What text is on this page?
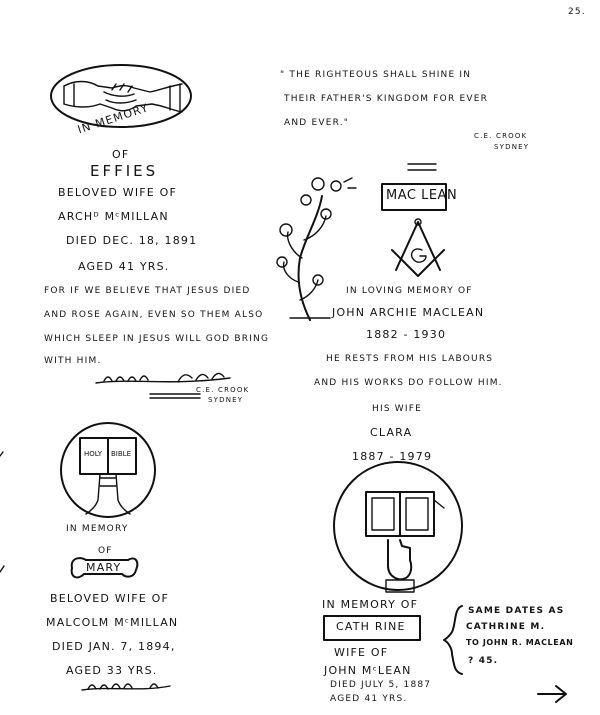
25.
IN MEMORY
OF
EFFIES
BELOVED WIFE OF
ARCHᴰ MᶜMILLAN
DIED DEC. 18, 1891
AGED 41 YRS.
FOR IF WE BELIEVE THAT JESUS DIED
AND ROSE AGAIN, EVEN SO THEM ALSO
WHICH SLEEP IN JESUS WILL GOD BRING
WITH HIM.
C.E. CROOK
SYDNEY
" THE RIGHTEOUS SHALL SHINE IN
THEIR FATHER'S KINGDOM FOR EVER
AND EVER."
C.E. CROOK
SYDNEY
MAC LEAN
IN LOVING MEMORY OF
JOHN ARCHIE MACLEAN
1882 - 1930
HE RESTS FROM HIS LABOURS
AND HIS WORKS DO FOLLOW HIM.
HIS WIFE
CLARA
1887 - 1979
HOLY BIBLE
IN MEMORY
OF
MARY
BELOVED WIFE OF
MALCOLM MᶜMILLAN
DIED JAN. 7, 1894,
AGED 33 YRS.
IN MEMORY OF
CATH RINE
WIFE OF
JOHN MᶜLEAN
DIED JULY 5, 1887
AGED 41 YRS.
SAME DATES AS
CATHRINE M.
TO JOHN R. MACLEAN
? 45.
